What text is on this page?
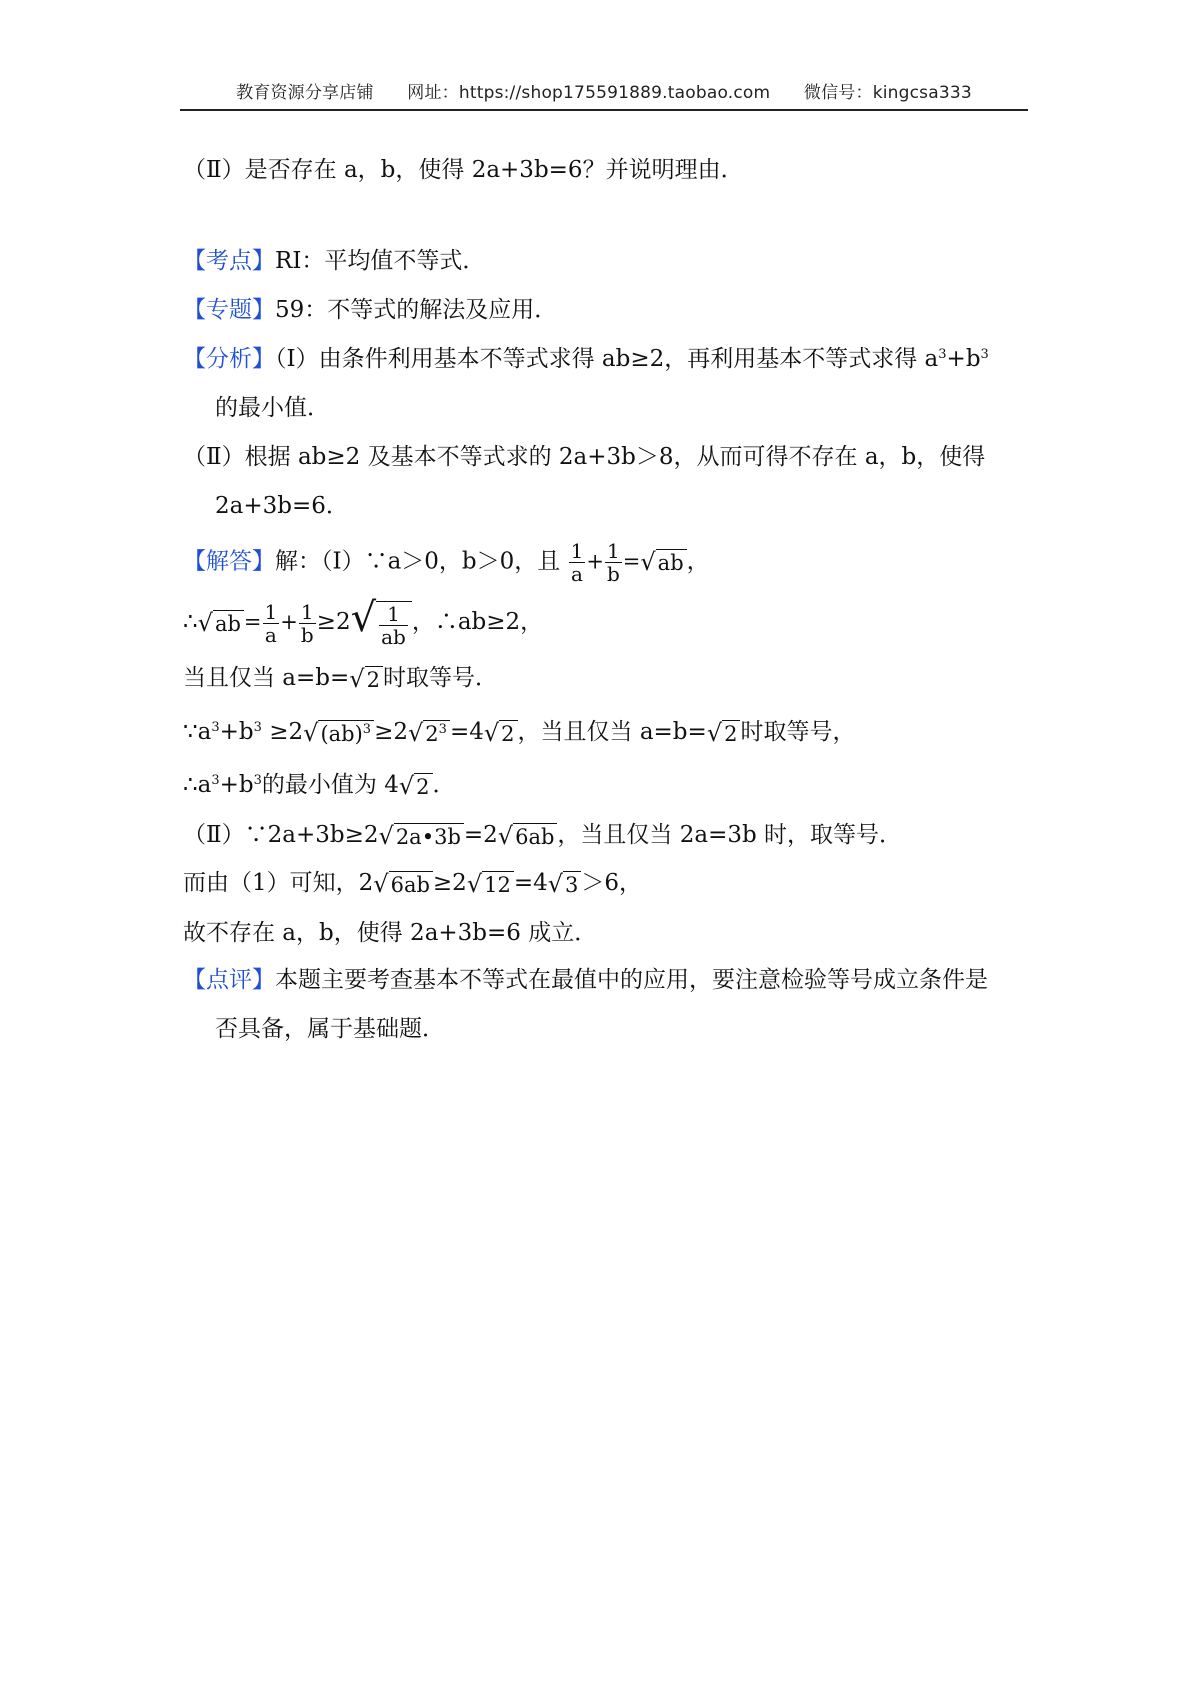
教育资源分享店铺 网址：https://shop175591889.taobao.com 微信号：kingcsa333
（Ⅱ）是否存在 a，b，使得 2a+3b=6？并说明理由．
【考点】RI：平均值不等式．
【专题】59：不等式的解法及应用．
【分析】（Ⅰ）由条件利用基本不等式求得 ab≥2，再利用基本不等式求得 $a^3+b^3$
的最小值．
（Ⅱ）根据 ab≥2 及基本不等式求的 2a+3b＞8，从而可得不存在 a，b，使得
2a+3b=6．
【解答】解：（Ⅰ）∵a＞0，b＞0，且 $\frac{1}{a} + \frac{1}{b} =√ab$ ，
∴√ab = $\frac{1}{a} + \frac{1}{b} \ge 2√ \frac{1}{ab}$ ，∴ab≥2，
当且仅当 a=b=√2 时取等号．
$\because a^3+b^3 \ge 2√(ab)^3 \ge 2√2^3 =4√2$ ，当且仅当 a=b=√2 时取等号，
$\therefore a^3+b^3$的最小值为 4√2 ．
（Ⅱ）∵2a+3b≥2√2a•3b =2√6ab ，当且仅当 2a=3b 时，取等号．
而由（1）可知，2√6ab ≥2√12 =4√3 ＞6，
故不存在 a，b，使得 2a+3b=6 成立．
【点评】本题主要考查基本不等式在最值中的应用，要注意检验等号成立条件是
否具备，属于基础题．
